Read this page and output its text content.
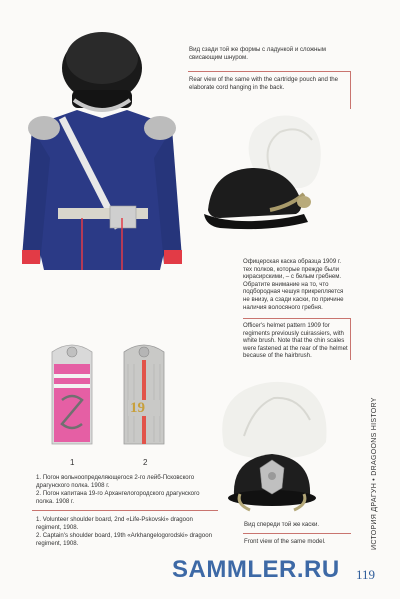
Вид сзади той же формы с ладункой и сложным свисающим шнуром.
Rear view of the same with the cartridge pouch and the elaborate cord hanging in the back.
Офицерская каска образца 1909 г. тех полков, которые прежде были кирасирскими, – с белым гребнем. Обратите внимание на то, что подбородная чешуя прикрепляется не внизу, а сзади каски, по причине наличия волосяного гребня.
Officer's helmet pattern 1909 for regiments previously cuirassiers, with white brush. Note that the chin scales were fastened at the rear of the helmet because of the hairbrush.
19
1	2
1. Погон вольноопределяющегося 2-го лейб-Псковского драгунского полка. 1908 г.
2. Погон капитана 19-го Архангелогородского драгунского полка. 1908 г.
1. Volunteer shoulder board, 2nd «Life-Pskovski» dragoon regiment, 1908.
2. Captain's shoulder board, 19th «Arkhangelogorodski» dragoon regiment, 1908.
Вид спереди той же каски.
Front view of the same model.	ИСТОРИЯ ДРАГУН • DRAGOONS HISTORY
SAMMLER.RU 119
